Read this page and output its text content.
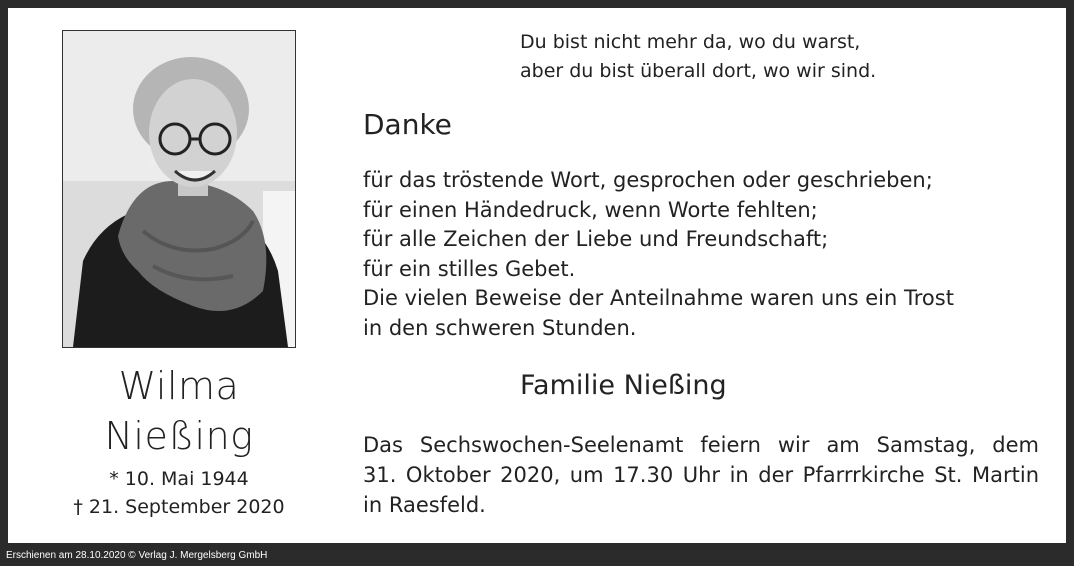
Wilma
Nießing
* 10. Mai 1944
† 21. September 2020
Du bist nicht mehr da, wo du warst,
aber du bist überall dort, wo wir sind.
Danke
für das tröstende Wort, gesprochen oder geschrieben;
für einen Händedruck, wenn Worte fehlten;
für alle Zeichen der Liebe und Freundschaft;
für ein stilles Gebet.
Die vielen Beweise der Anteilnahme waren uns ein Trost
in den schweren Stunden.
Familie Nießing
Das Sechswochen-Seelenamt feiern wir am Samstag, dem
31. Oktober 2020, um 17.30 Uhr in der Pfarrrkirche St. Martin
in Raesfeld.
Erschienen am 28.10.2020 © Verlag J. Mergelsberg GmbH
